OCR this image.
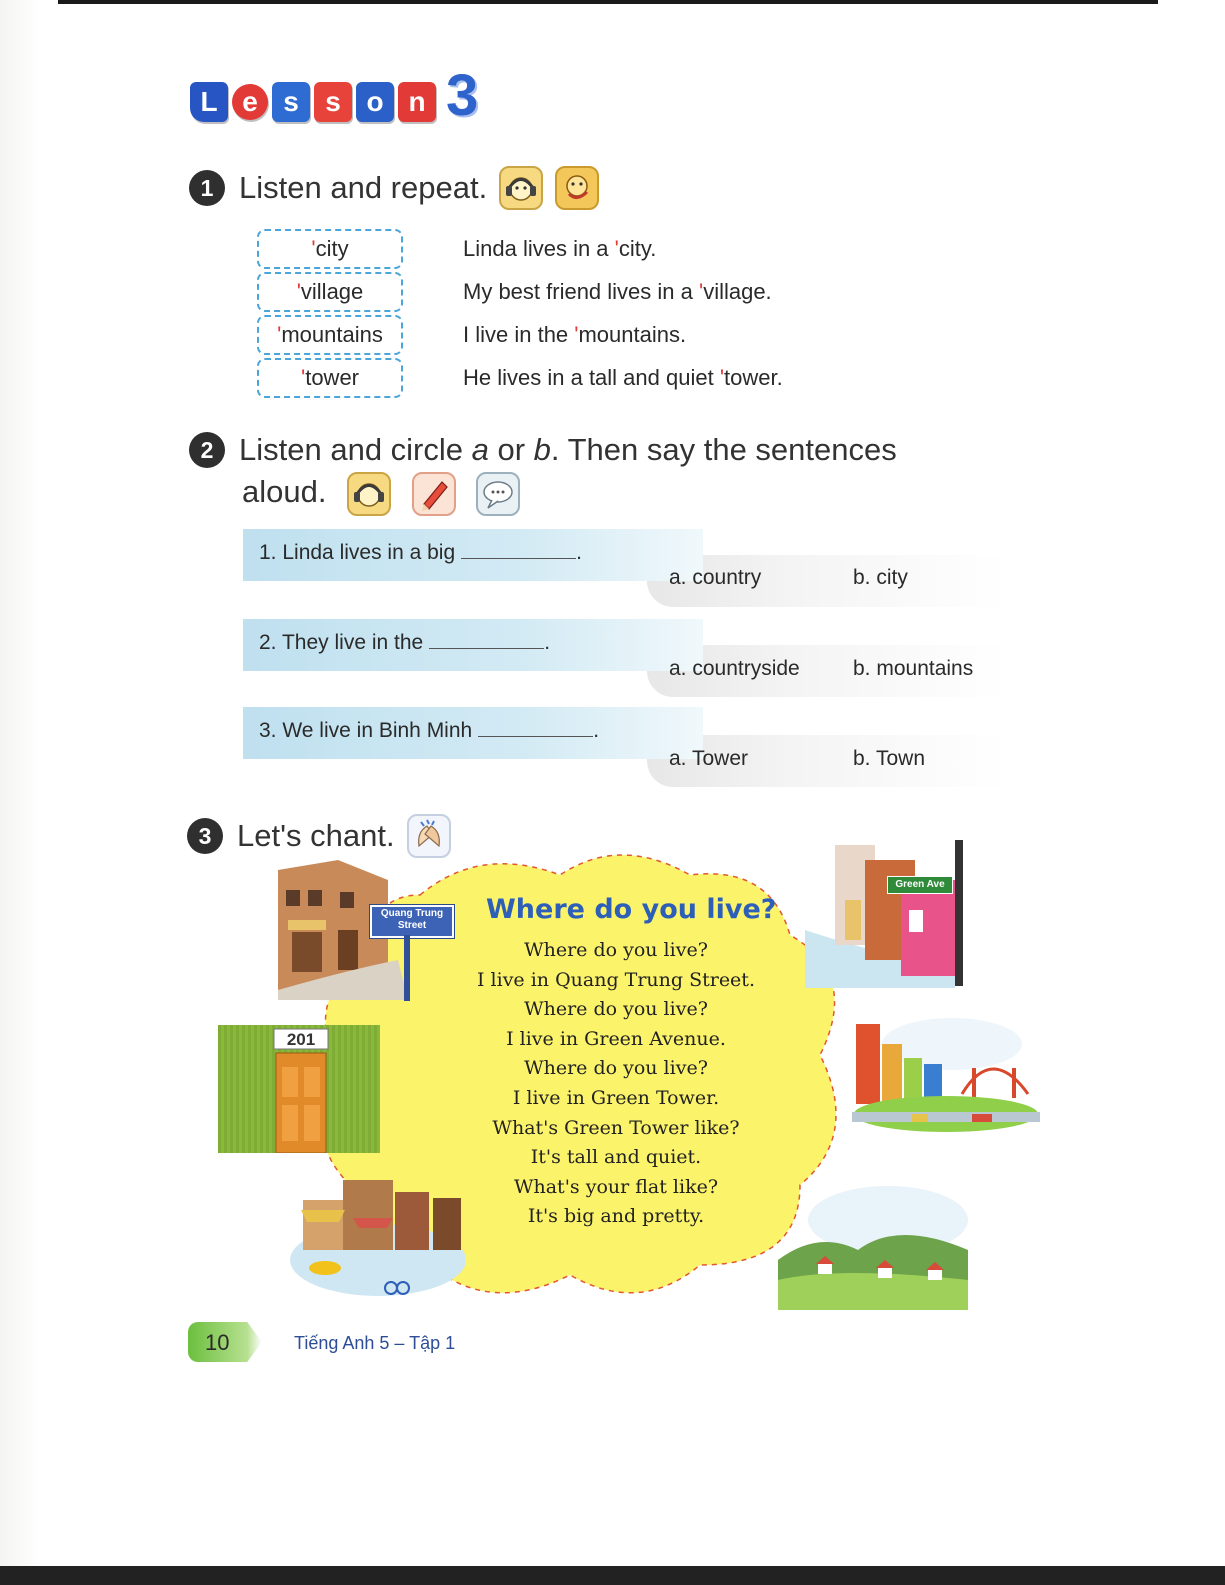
L e s s o n 3
1 Listen and repeat.
'city
'village
'mountains
'tower
Linda lives in a 'city.
My best friend lives in a 'village.
I live in the 'mountains.
He lives in a tall and quiet 'tower.
2 Listen and circle a or b. Then say the sentences
aloud.
1. Linda lives in a big	.
a. country	b. city
2. They live in the	.
a. countryside	b. mountains
3. We live in Binh Minh	.
a. Tower	b. Town
3 Let's chant.
Where do you live?
Where do you live?
I live in Quang Trung Street.
Where do you live?
I live in Green Avenue.
Where do you live?
I live in Green Tower.
What's Green Tower like?
It's tall and quiet.
What's your flat like?
It's big and pretty.
Quang Trung Street
201
Green Ave
10	Tiếng Anh 5 – Tập 1
